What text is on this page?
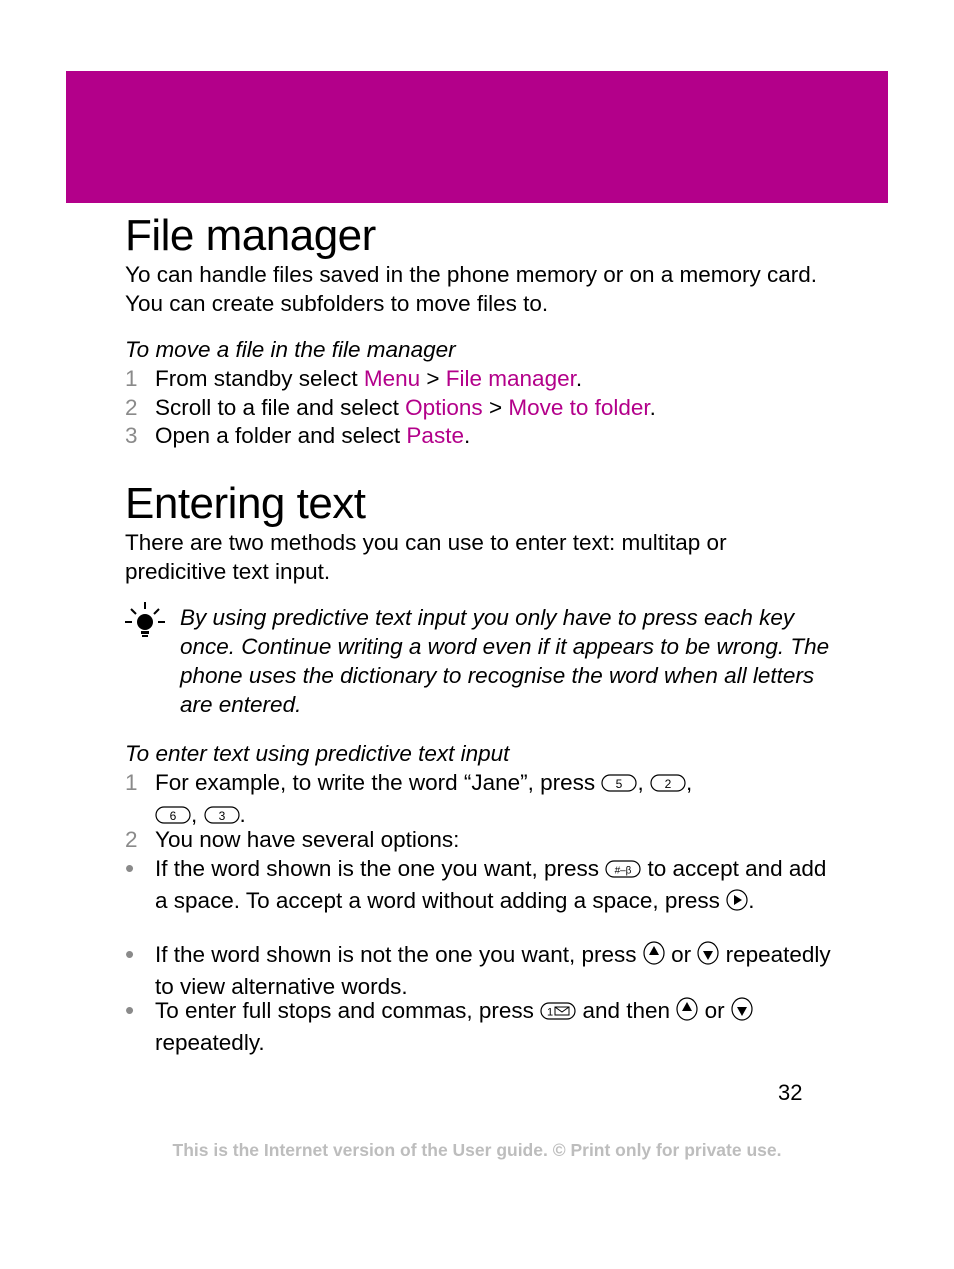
File manager

Yo can handle files saved in the phone memory or on a memory card. You can create subfolders to move files to.

To move a file in the file manager

1 From standby select Menu > File manager.
2 Scroll to a file and select Options > Move to folder.
3 Open a folder and select Paste.
Entering text

There are two methods you can use to enter text: multitap or predicitive text input.

By using predictive text input you only have to press each key once. Continue writing a word even if it appears to be wrong. The phone uses the dictionary to recognise the word when all letters are entered.

To enter text using predictive text input

1 For example, to write the word “Jane”, press 5 , 2 ,

6 , 3 .
2 You now have several options:
• If the word shown is the one you want, press #–β to accept and add a space. To accept a word without adding a space, press .
• If the word shown is not the one you want, press or repeatedly to view alternative words.
• To enter full stops and commas, press 1 and then or  repeatedly.
32
This is the Internet version of the User guide. © Print only for private use.
